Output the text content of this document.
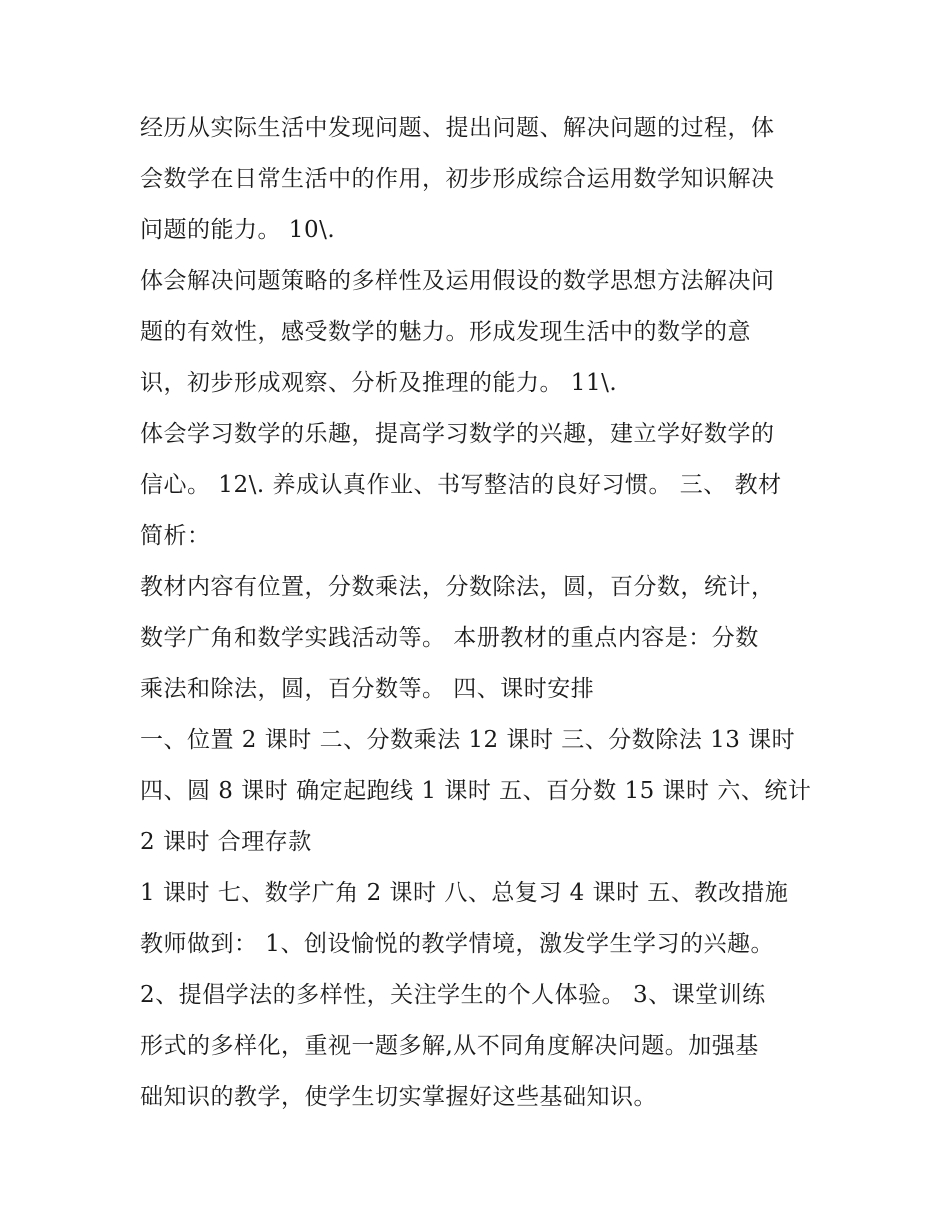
经历从实际生活中发现问题、提出问题、解决问题的过程，体
会数学在日常生活中的作用，初步形成综合运用数学知识解决
问题的能力。 10\.
体会解决问题策略的多样性及运用假设的数学思想方法解决问
题的有效性，感受数学的魅力。形成发现生活中的数学的意
识，初步形成观察、分析及推理的能力。 11\.
体会学习数学的乐趣，提高学习数学的兴趣，建立学好数学的
信心。 12\. 养成认真作业、书写整洁的良好习惯。 三、 教材
简析：
教材内容有位置，分数乘法，分数除法，圆，百分数，统计，
数学广角和数学实践活动等。 本册教材的重点内容是：分数
乘法和除法，圆，百分数等。 四、课时安排
一、位置 2 课时 二、分数乘法 12 课时 三、分数除法 13 课时
四、圆 8 课时 确定起跑线 1 课时 五、百分数 15 课时 六、统计
2 课时 合理存款
1 课时 七、数学广角 2 课时 八、总复习 4 课时 五、教改措施
教师做到： 1、创设愉悦的教学情境，激发学生学习的兴趣。
2、提倡学法的多样性，关注学生的个人体验。 3、课堂训练
形式的多样化，重视一题多解,从不同角度解决问题。加强基
础知识的教学，使学生切实掌握好这些基础知识。
